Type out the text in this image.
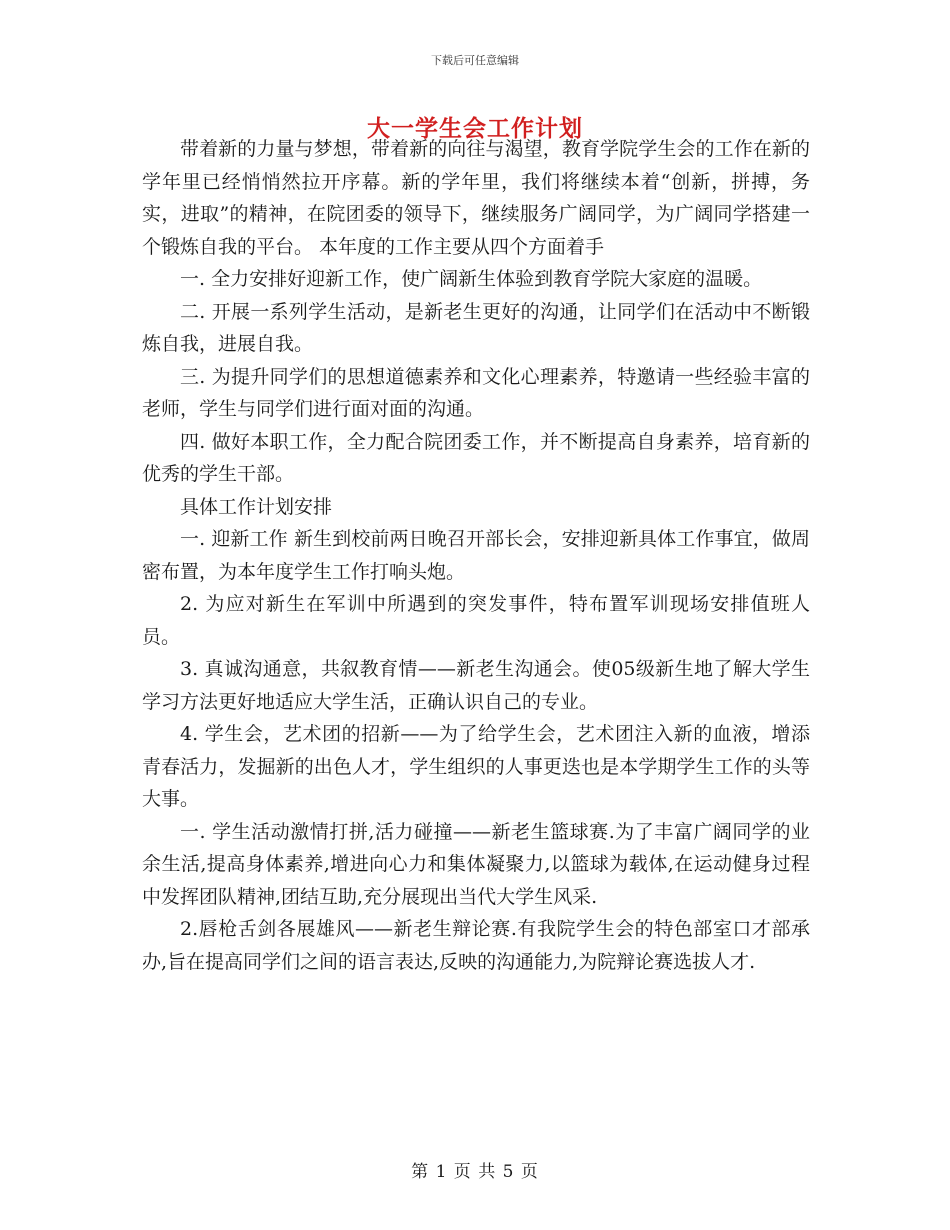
下载后可任意编辑
大一学生会工作计划

带着新的力量与梦想，带着新的向往与渴望，教育学院学生会的工作在新的学年里已经悄悄然拉开序幕。新的学年里，我们将继续本着“创新，拼搏，务实，进取”的精神，在院团委的领导下，继续服务广阔同学，为广阔同学搭建一个锻炼自我的平台。 本年度的工作主要从四个方面着手

一. 全力安排好迎新工作，使广阔新生体验到教育学院大家庭的温暖。

二. 开展一系列学生活动，是新老生更好的沟通，让同学们在活动中不断锻炼自我，进展自我。

三. 为提升同学们的思想道德素养和文化心理素养，特邀请一些经验丰富的老师，学生与同学们进行面对面的沟通。

四. 做好本职工作，全力配合院团委工作，并不断提高自身素养，培育新的优秀的学生干部。

具体工作计划安排

一. 迎新工作 新生到校前两日晚召开部长会，安排迎新具体工作事宜，做周密布置，为本年度学生工作打响头炮。

2. 为应对新生在军训中所遇到的突发事件，特布置军训现场安排值班人员。

3. 真诚沟通意，共叙教育情——新老生沟通会。使05级新生地了解大学生学习方法更好地适应大学生活，正确认识自己的专业。

4. 学生会，艺术团的招新——为了给学生会，艺术团注入新的血液，增添青春活力，发掘新的出色人才，学生组织的人事更迭也是本学期学生工作的头等大事。

一. 学生活动激情打拼,活力碰撞——新老生篮球赛.为了丰富广阔同学的业余生活,提高身体素养,增进向心力和集体凝聚力,以篮球为载体,在运动健身过程中发挥团队精神,团结互助,充分展现出当代大学生风采.

2.唇枪舌剑各展雄风——新老生辩论赛.有我院学生会的特色部室口才部承办,旨在提高同学们之间的语言表达,反映的沟通能力,为院辩论赛选拔人才.

第 1 页 共 5 页
